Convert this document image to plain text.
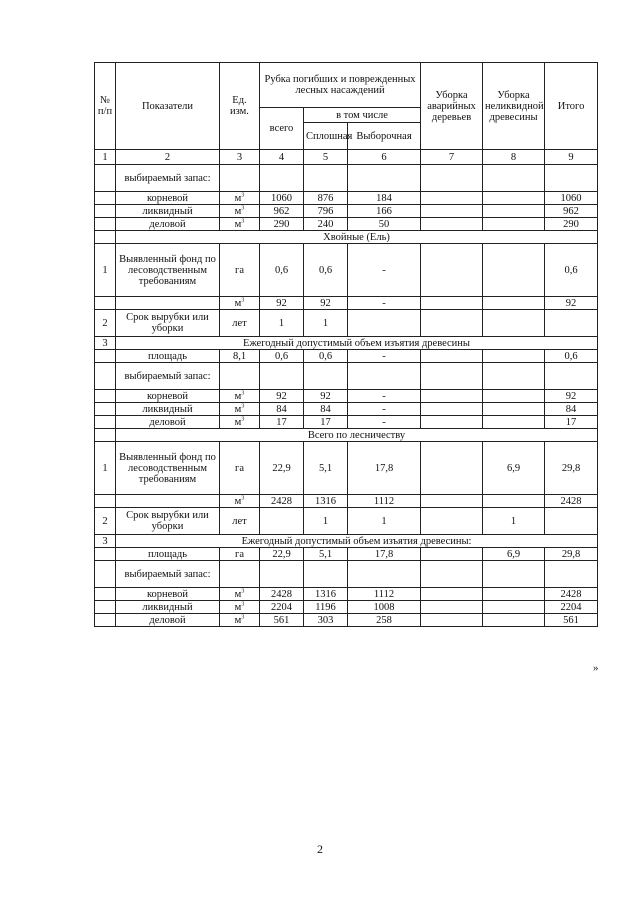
№ п/п	Показатели	Ед. изм.	Рубка погибших и поврежденных лесных насаждений			Уборка аварийных деревьев	Уборка неликвидной древесины	Итого
			всего	в том числе				
				Сплошная	Выборочная			
1	2	3	4	5	6	7	8	9
	выбираемый запас:							
	корневой	$м^3$	1060	876	184			1060
	ликвидный	$м^3$	962	796	166			962
	деловой	$м^3$	290	240	50			290
	Хвойные (Ель)							
1	Выявленный фонд по лесоводственным требованиям	га	0,6	0,6	-			0,6
		$м^3$	92	92	-			92
2	Срок вырубки или уборки	лет	1	1				
3	Ежегодный допустимый объем изъятия древесины							
	площадь	8,1	0,6	0,6	-			0,6
	выбираемый запас:							
	корневой	$м^3$	92	92	-			92
	ликвидный	$м^3$	84	84	-			84
	деловой	$м^3$	17	17	-			17
	Всего по лесничеству							
1	Выявленный фонд по лесоводственным требованиям	га	22,9	5,1	17,8		6,9	29,8
		$м^3$	2428	1316	1112			2428
2	Срок вырубки или уборки	лет		1	1		1	
3	Ежегодный допустимый объем изъятия древесины:							
	площадь	га	22,9	5,1	17,8		6,9	29,8
	выбираемый запас:							
	корневой	$м^3$	2428	1316	1112			2428
	ликвидный	$м^3$	2204	1196	1008			2204
	деловой	$м^3$	561	303	258			561
»
2
